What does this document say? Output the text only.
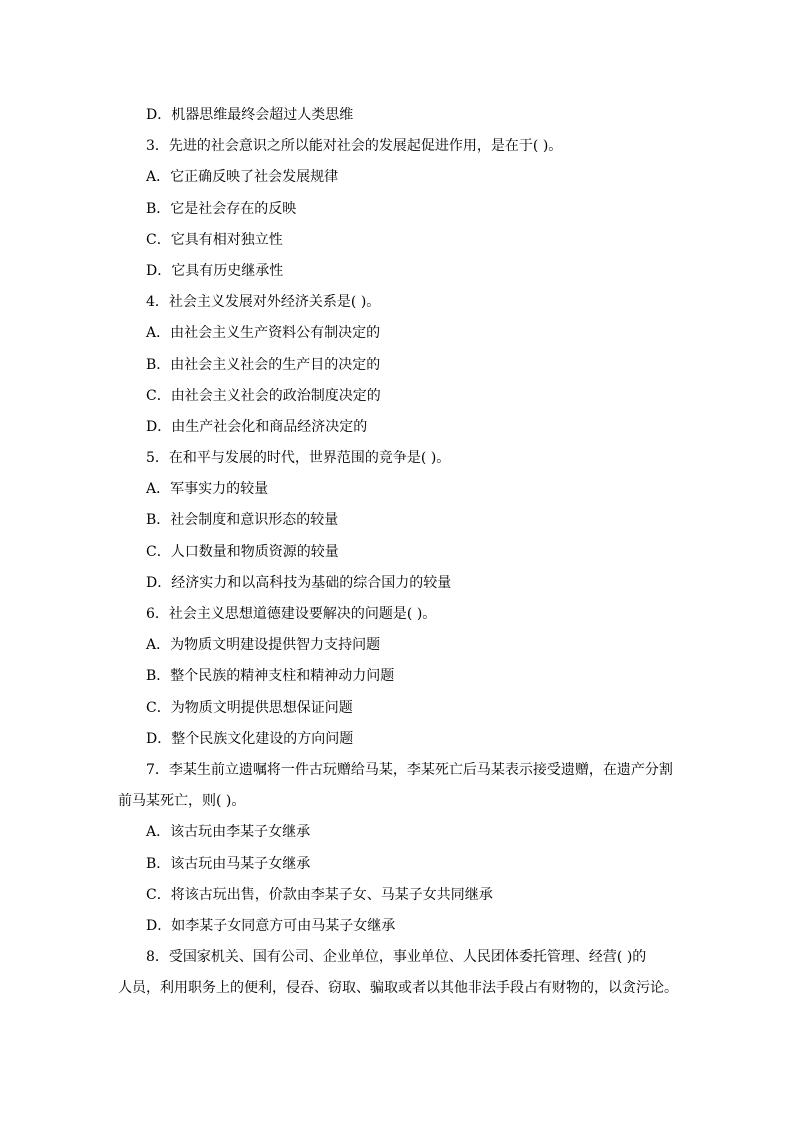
D．机器思维最终会超过人类思维
3．先进的社会意识之所以能对社会的发展起促进作用，是在于( )。
A．它正确反映了社会发展规律
B．它是社会存在的反映
C．它具有相对独立性
D．它具有历史继承性
4．社会主义发展对外经济关系是( )。
A．由社会主义生产资料公有制决定的
B．由社会主义社会的生产目的决定的
C．由社会主义社会的政治制度决定的
D．由生产社会化和商品经济决定的
5．在和平与发展的时代，世界范围的竞争是( )。
A．军事实力的较量
B．社会制度和意识形态的较量
C．人口数量和物质资源的较量
D．经济实力和以高科技为基础的综合国力的较量
6．社会主义思想道德建设要解决的问题是( )。
A．为物质文明建设提供智力支持问题
B．整个民族的精神支柱和精神动力问题
C．为物质文明提供思想保证问题
D．整个民族文化建设的方向问题
7．李某生前立遗嘱将一件古玩赠给马某，李某死亡后马某表示接受遗赠，在遗产分割
前马某死亡，则( )。
A．该古玩由李某子女继承
B．该古玩由马某子女继承
C．将该古玩出售，价款由李某子女、马某子女共同继承
D．如李某子女同意方可由马某子女继承
8．受国家机关、国有公司、企业单位，事业单位、人民团体委托管理、经营( )的
人员，利用职务上的便利，侵吞、窃取、骗取或者以其他非法手段占有财物的，以贪污论。
